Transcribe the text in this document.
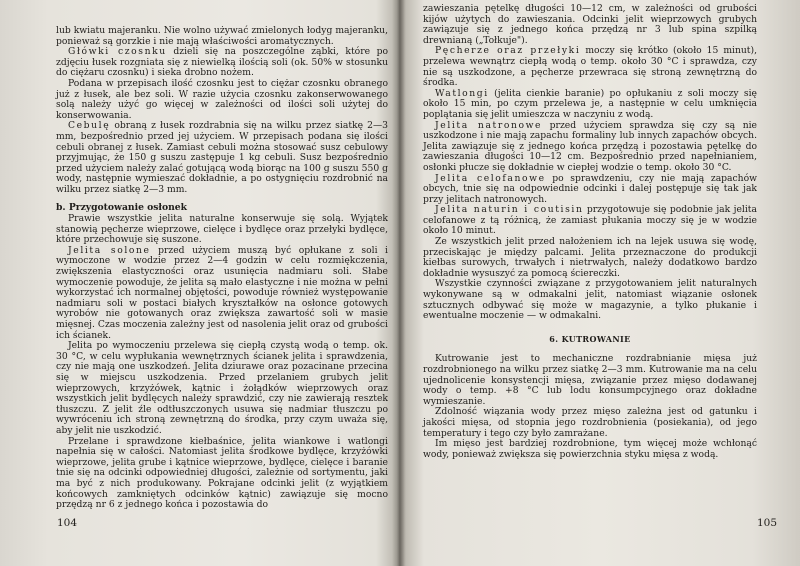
lub kwiatu majeranku. Nie wolno używać zmielonych łodyg majeranku, ponieważ są gorzkie i nie mają właściwości aromatycznych.

Główki czosnku dzieli się na poszczególne ząbki, które po zdjęciu łusek rozgniata się z niewielką ilością soli (ok. 50% w stosunku do ciężaru czosnku) i sieka drobno nożem.

Podana w przepisach ilość czosnku jest to ciężar czosnku obranego już z łusek, ale bez soli. W razie użycia czosnku zakonserwowanego solą należy użyć go więcej w zależności od ilości soli użytej do konserwowania.

Cebulę obraną z łusek rozdrabnia się na wilku przez siatkę 2—3 mm, bezpośrednio przed jej użyciem. W przepisach podana się ilości cebuli obranej z łusek. Zamiast cebuli można stosować susz cebulowy przyjmując, że 150 g suszu zastępuje 1 kg cebuli. Susz bezpośrednio przed użyciem należy zalać gotującą wodą biorąc na 100 g suszu 550 g wody, następnie wymieszać dokładnie, a po ostygnięciu rozdrobnić na wilku przez siatkę 2—3 mm.

b. Przygotowanie osłonek

Prawie wszystkie jelita naturalne konserwuje się solą. Wyjątek stanowią pęcherze wieprzowe, cielęce i bydlęce oraz przełyki bydlęce, które przechowuje się suszone.

Jelita solone przed użyciem muszą być opłukane z soli i wymoczone w wodzie przez 2—4 godzin w celu rozmiękczenia, zwiększenia elastyczności oraz usunięcia nadmiaru soli. Słabe wymoczenie powoduje, że jelita są mało elastyczne i nie można w pełni wykorzystać ich normalnej objętości, powoduje również występowanie nadmiaru soli w postaci białych kryształków na osłonce gotowych wyrobów nie gotowanych oraz zwiększa zawartość soli w masie mięsnej. Czas moczenia zależny jest od nasolenia jelit oraz od grubości ich ścianek.

Jelita po wymoczeniu przelewa się ciepłą czystą wodą o temp. ok. 30 °C, w celu wypłukania wewnętrznych ścianek jelita i sprawdzenia, czy nie mają one uszkodzeń. Jelita dziurawe oraz pozacinane przecina się w miejscu uszkodzenia. Przed przelaniem grubych jelit wieprzowych, krzyżówek, kątnic i żołądków wieprzowych oraz wszystkich jelit bydlęcych należy sprawdzić, czy nie zawierają resztek tłuszczu. Z jelit źle odtłuszczonych usuwa się nadmiar tłuszczu po wywróceniu ich stroną zewnętrzną do środka, przy czym uważa się, aby jelit nie uszkodzić.

Przelane i sprawdzone kiełbaśnice, jelita wiankowe i watlongi napełnia się w całości. Natomiast jelita środkowe bydlęce, krzyżówki wieprzowe, jelita grube i kątnice wieprzowe, bydlęce, cielęce i baranie tnie się na odcinki odpowiedniej długości, zależnie od sortymentu, jaki ma być z nich produkowany. Pokrajane odcinki jelit (z wyjątkiem końcowych zamkniętych odcinków kątnic) zawiązuje się mocno przędzą nr 6 z jednego końca i pozostawia do

104

zawieszania pętelkę długości 10—12 cm, w zależności od grubości kijów użytych do zawieszania. Odcinki jelit wieprzowych grubych zawiązuje się z jednego końca przędzą nr 3 lub spina szpilką drewnianą („Tołkuje").

Pęcherze oraz przełyki moczy się krótko (około 15 minut), przelewa wewnątrz ciepłą wodą o temp. około 30 °C i sprawdza, czy nie są uszkodzone, a pęcherze przewraca się stroną zewnętrzną do środka.

Watlongi (jelita cienkie baranie) po opłukaniu z soli moczy się około 15 min, po czym przelewa je, a następnie w celu umknięcia poplątania się jelit umieszcza w naczyniu z wodą.

Jelita natronowe przed użyciem sprawdza się czy są nie uszkodzone i nie mają zapachu formaliny lub innych zapachów obcych. Jelita zawiązuje się z jednego końca przędzą i pozostawia pętelkę do zawieszania długości 10—12 cm. Bezpośrednio przed napełnianiem, osłonki płucze się dokładnie w ciepłej wodzie o temp. około 30 °C.

Jelita celofanowe po sprawdzeniu, czy nie mają zapachów obcych, tnie się na odpowiednie odcinki i dalej postępuje się tak jak przy jelitach natronowych.

Jelita naturin i coutisin przygotowuje się podobnie jak jelita celofanowe z tą różnicą, że zamiast płukania moczy się je w wodzie około 10 minut.

Ze wszystkich jelit przed nałożeniem ich na lejek usuwa się wodę, przeciskając je między palcami. Jelita przeznaczone do produkcji kiełbas surowych, trwałych i nietrwałych, należy dodatkowo bardzo dokładnie wysuszyć za pomocą ściereczki.

Wszystkie czynności związane z przygotowaniem jelit naturalnych wykonywane są w odmakalni jelit, natomiast wiązanie osłonek sztucznych odbywać się może w magazynie, a tylko płukanie i ewentualne moczenie — w odmakalni.

6. KUTROWANIE

Kutrowanie jest to mechaniczne rozdrabnianie mięsa już rozdrobnionego na wilku przez siatkę 2—3 mm. Kutrowanie ma na celu ujednolicenie konsystencji mięsa, związanie przez mięso dodawanej wody o temp. +8 °C lub lodu konsumpcyjnego oraz dokładne wymieszanie.

Zdolność wiązania wody przez mięso zależna jest od gatunku i jakości mięsa, od stopnia jego rozdrobnienia (posiekania), od jego temperatury i tego czy było zamrażane.

Im mięso jest bardziej rozdrobnione, tym więcej może wchłonąć wody, ponieważ zwiększa się powierzchnia styku mięsa z wodą.

105
